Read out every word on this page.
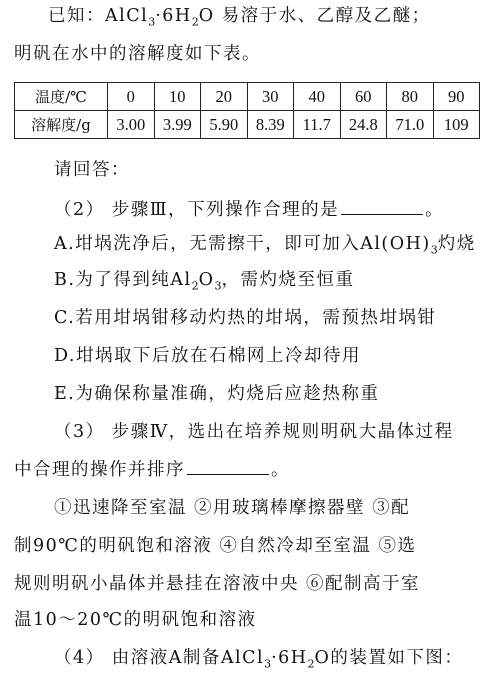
已知：$AlCl_3\cdot 6H_2O$ 易溶于水、乙醇及乙醚；
明矾在水中的溶解度如下表。
温度/℃	0	10	20	30	40	60	80	90
溶解度/g	3.00	3.99	5.90	8.39	11.7	24.8	71.0	109
请回答：
（2） 步骤Ⅲ，下列操作合理的是	。
A.坩埚洗净后，无需擦干，即可加入$Al(OH)_3$灼烧
B.为了得到纯$Al_2O_3$，需灼烧至恒重
C.若用坩埚钳移动灼热的坩埚，需预热坩埚钳
D.坩埚取下后放在石棉网上冷却待用
E.为确保称量准确，灼烧后应趁热称重
（3） 步骤Ⅳ，选出在培养规则明矾大晶体过程
中合理的操作并排序	。
①迅速降至室温 ②用玻璃棒摩擦器壁 ③配
制90℃的明矾饱和溶液 ④自然冷却至室温 ⑤选
规则明矾小晶体并悬挂在溶液中央 ⑥配制高于室
温10～20℃的明矾饱和溶液
（4） 由溶液A制备$AlCl_3\cdot 6H_2O$的装置如下图：
